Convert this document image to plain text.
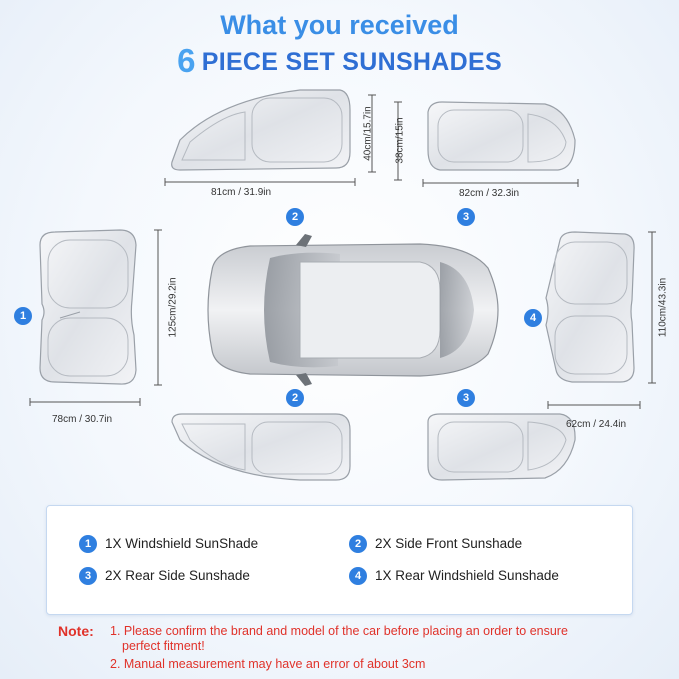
What you received
6 PIECE SET SUNSHADES
81cm / 31.9in
40cm/15.7in 38cm/15in
82cm / 32.3in
125cm/29.2in
78cm / 30.7in
110cm/43.3in
62cm / 24.4in
2	3
1	4
2	3
1	1X Windshield SunShade	2	2X Side Front Sunshade
3	2X Rear Side Sunshade	4	1X Rear Windshield Sunshade
Note: 1. Please confirm the brand and model of the car before placing an order to ensure
perfect fitment!
2. Manual measurement may have an error of about 3cm
